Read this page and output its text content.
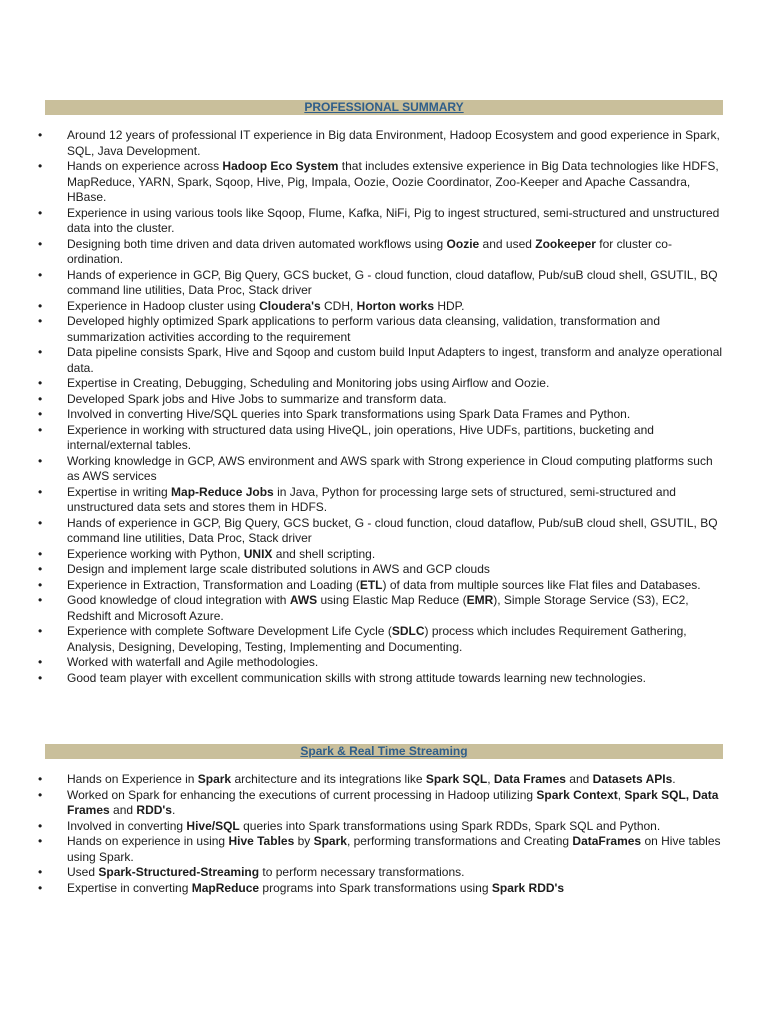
PROFESSIONAL SUMMARY
• Around 12 years of professional IT experience in Big data Environment, Hadoop Ecosystem and good experience in Spark, SQL, Java Development.
• Hands on experience across Hadoop Eco System that includes extensive experience in Big Data technologies like HDFS, MapReduce, YARN, Spark, Sqoop, Hive, Pig, Impala, Oozie, Oozie Coordinator, Zoo-Keeper and Apache Cassandra, HBase.
• Experience in using various tools like Sqoop, Flume, Kafka, NiFi, Pig to ingest structured, semi-structured and unstructured data into the cluster.
• Designing both time driven and data driven automated workflows using Oozie and used Zookeeper for cluster co-ordination.
• Hands of experience in GCP, Big Query, GCS bucket, G - cloud function, cloud dataflow, Pub/suB cloud shell, GSUTIL, BQ command line utilities, Data Proc, Stack driver
• Experience in Hadoop cluster using Cloudera's CDH, Horton works HDP.
• Developed highly optimized Spark applications to perform various data cleansing, validation, transformation and summarization activities according to the requirement
• Data pipeline consists Spark, Hive and Sqoop and custom build Input Adapters to ingest, transform and analyze operational data.
• Expertise in Creating, Debugging, Scheduling and Monitoring jobs using Airflow and Oozie.
• Developed Spark jobs and Hive Jobs to summarize and transform data.
• Involved in converting Hive/SQL queries into Spark transformations using Spark Data Frames and Python.
• Experience in working with structured data using HiveQL, join operations, Hive UDFs, partitions, bucketing and internal/external tables.
• Working knowledge in GCP, AWS environment and AWS spark with Strong experience in Cloud computing platforms such as AWS services
• Expertise in writing Map-Reduce Jobs in Java, Python for processing large sets of structured, semi-structured and unstructured data sets and stores them in HDFS.
• Hands of experience in GCP, Big Query, GCS bucket, G - cloud function, cloud dataflow, Pub/suB cloud shell, GSUTIL, BQ command line utilities, Data Proc, Stack driver
• Experience working with Python, UNIX and shell scripting.
• Design and implement large scale distributed solutions in AWS and GCP clouds
• Experience in Extraction, Transformation and Loading (ETL) of data from multiple sources like Flat files and Databases.
• Good knowledge of cloud integration with AWS using Elastic Map Reduce (EMR), Simple Storage Service (S3), EC2, Redshift and Microsoft Azure.
• Experience with complete Software Development Life Cycle (SDLC) process which includes Requirement Gathering, Analysis, Designing, Developing, Testing, Implementing and Documenting.
• Worked with waterfall and Agile methodologies.
• Good team player with excellent communication skills with strong attitude towards learning new technologies.
Spark & Real Time Streaming
• Hands on Experience in Spark architecture and its integrations like Spark SQL, Data Frames and Datasets APIs.
• Worked on Spark for enhancing the executions of current processing in Hadoop utilizing Spark Context, Spark SQL, Data Frames and RDD's.
• Involved in converting Hive/SQL queries into Spark transformations using Spark RDDs, Spark SQL and Python.
• Hands on experience in using Hive Tables by Spark, performing transformations and Creating DataFrames on Hive tables using Spark.
• Used Spark-Structured-Streaming to perform necessary transformations.
• Expertise in converting MapReduce programs into Spark transformations using Spark RDD's
